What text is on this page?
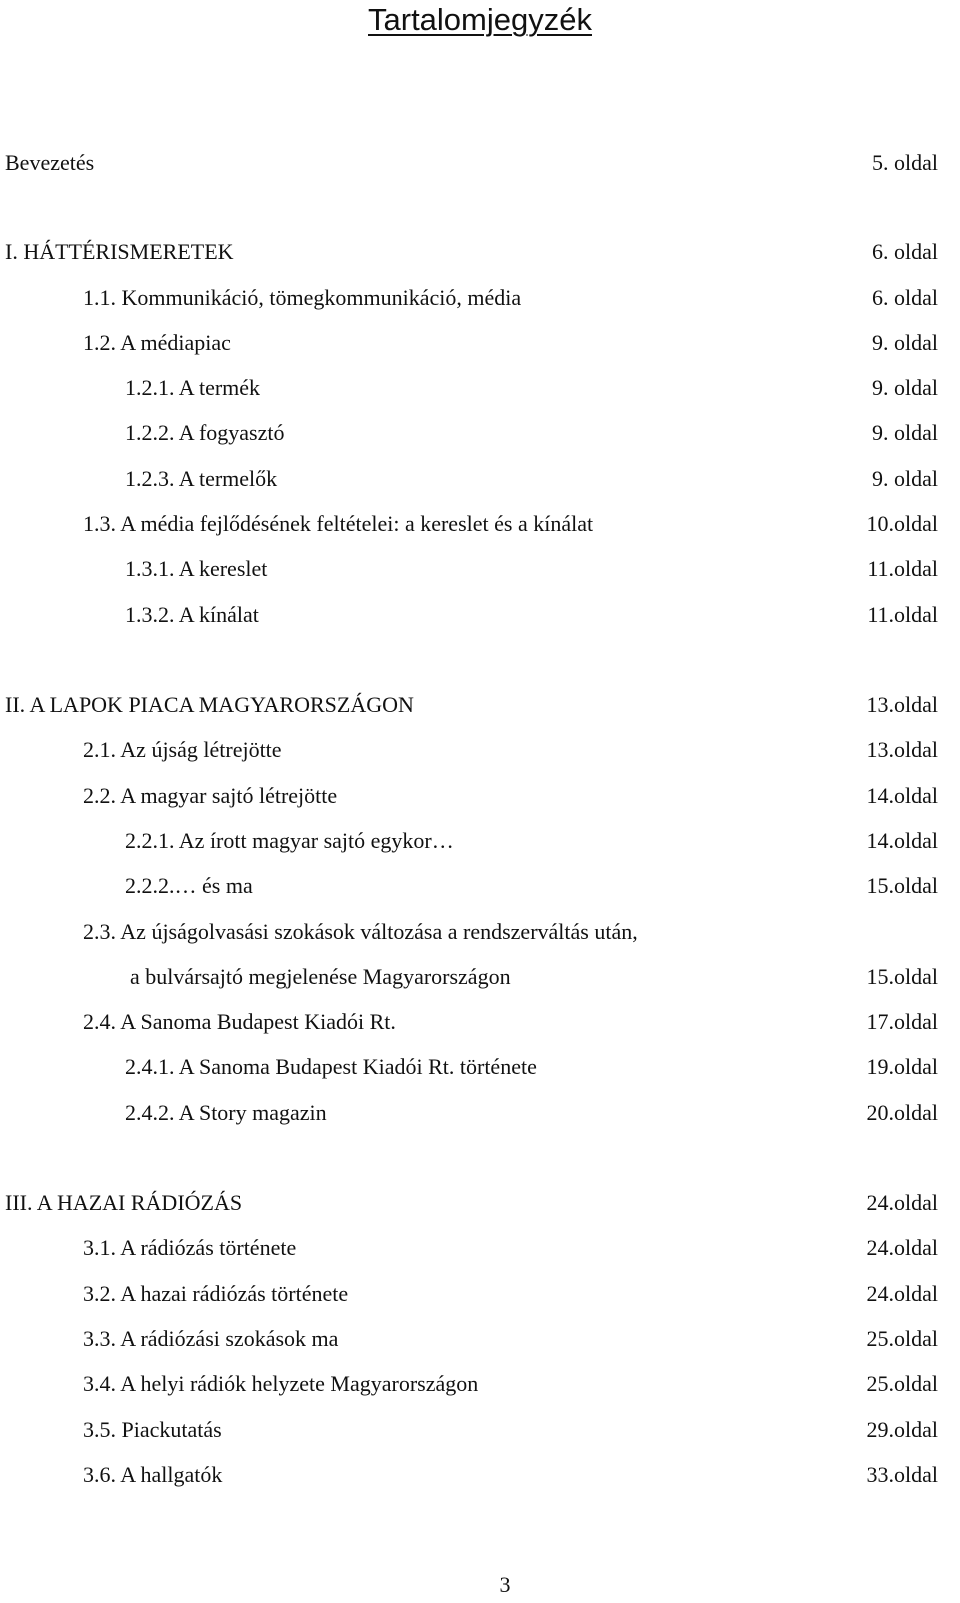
Tartalomjegyzék
Bevezetés	5. oldal
I. HÁTTÉRISMERETEK	6. oldal
1.1. Kommunikáció, tömegkommunikáció, média	6. oldal
1.2. A médiapiac	9. oldal
1.2.1. A termék	9. oldal
1.2.2. A fogyasztó	9. oldal
1.2.3. A termelők	9. oldal
1.3. A média fejlődésének feltételei: a kereslet és a kínálat	10.oldal
1.3.1. A kereslet	11.oldal
1.3.2. A kínálat	11.oldal
II. A LAPOK PIACA MAGYARORSZÁGON	13.oldal
2.1. Az újság létrejötte	13.oldal
2.2. A magyar sajtó létrejötte	14.oldal
2.2.1. Az írott magyar sajtó egykor…	14.oldal
2.2.2.… és ma	15.oldal
2.3. Az újságolvasási szokások változása a rendszerváltás után,
a bulvársajtó megjelenése Magyarországon	15.oldal
2.4. A Sanoma Budapest Kiadói Rt.	17.oldal
2.4.1. A Sanoma Budapest Kiadói Rt. története	19.oldal
2.4.2. A Story magazin	20.oldal
III. A HAZAI RÁDIÓZÁS	24.oldal
3.1. A rádiózás története	24.oldal
3.2. A hazai rádiózás története	24.oldal
3.3. A rádiózási szokások ma	25.oldal
3.4. A helyi rádiók helyzete Magyarországon	25.oldal
3.5. Piackutatás	29.oldal
3.6. A hallgatók	33.oldal
3
